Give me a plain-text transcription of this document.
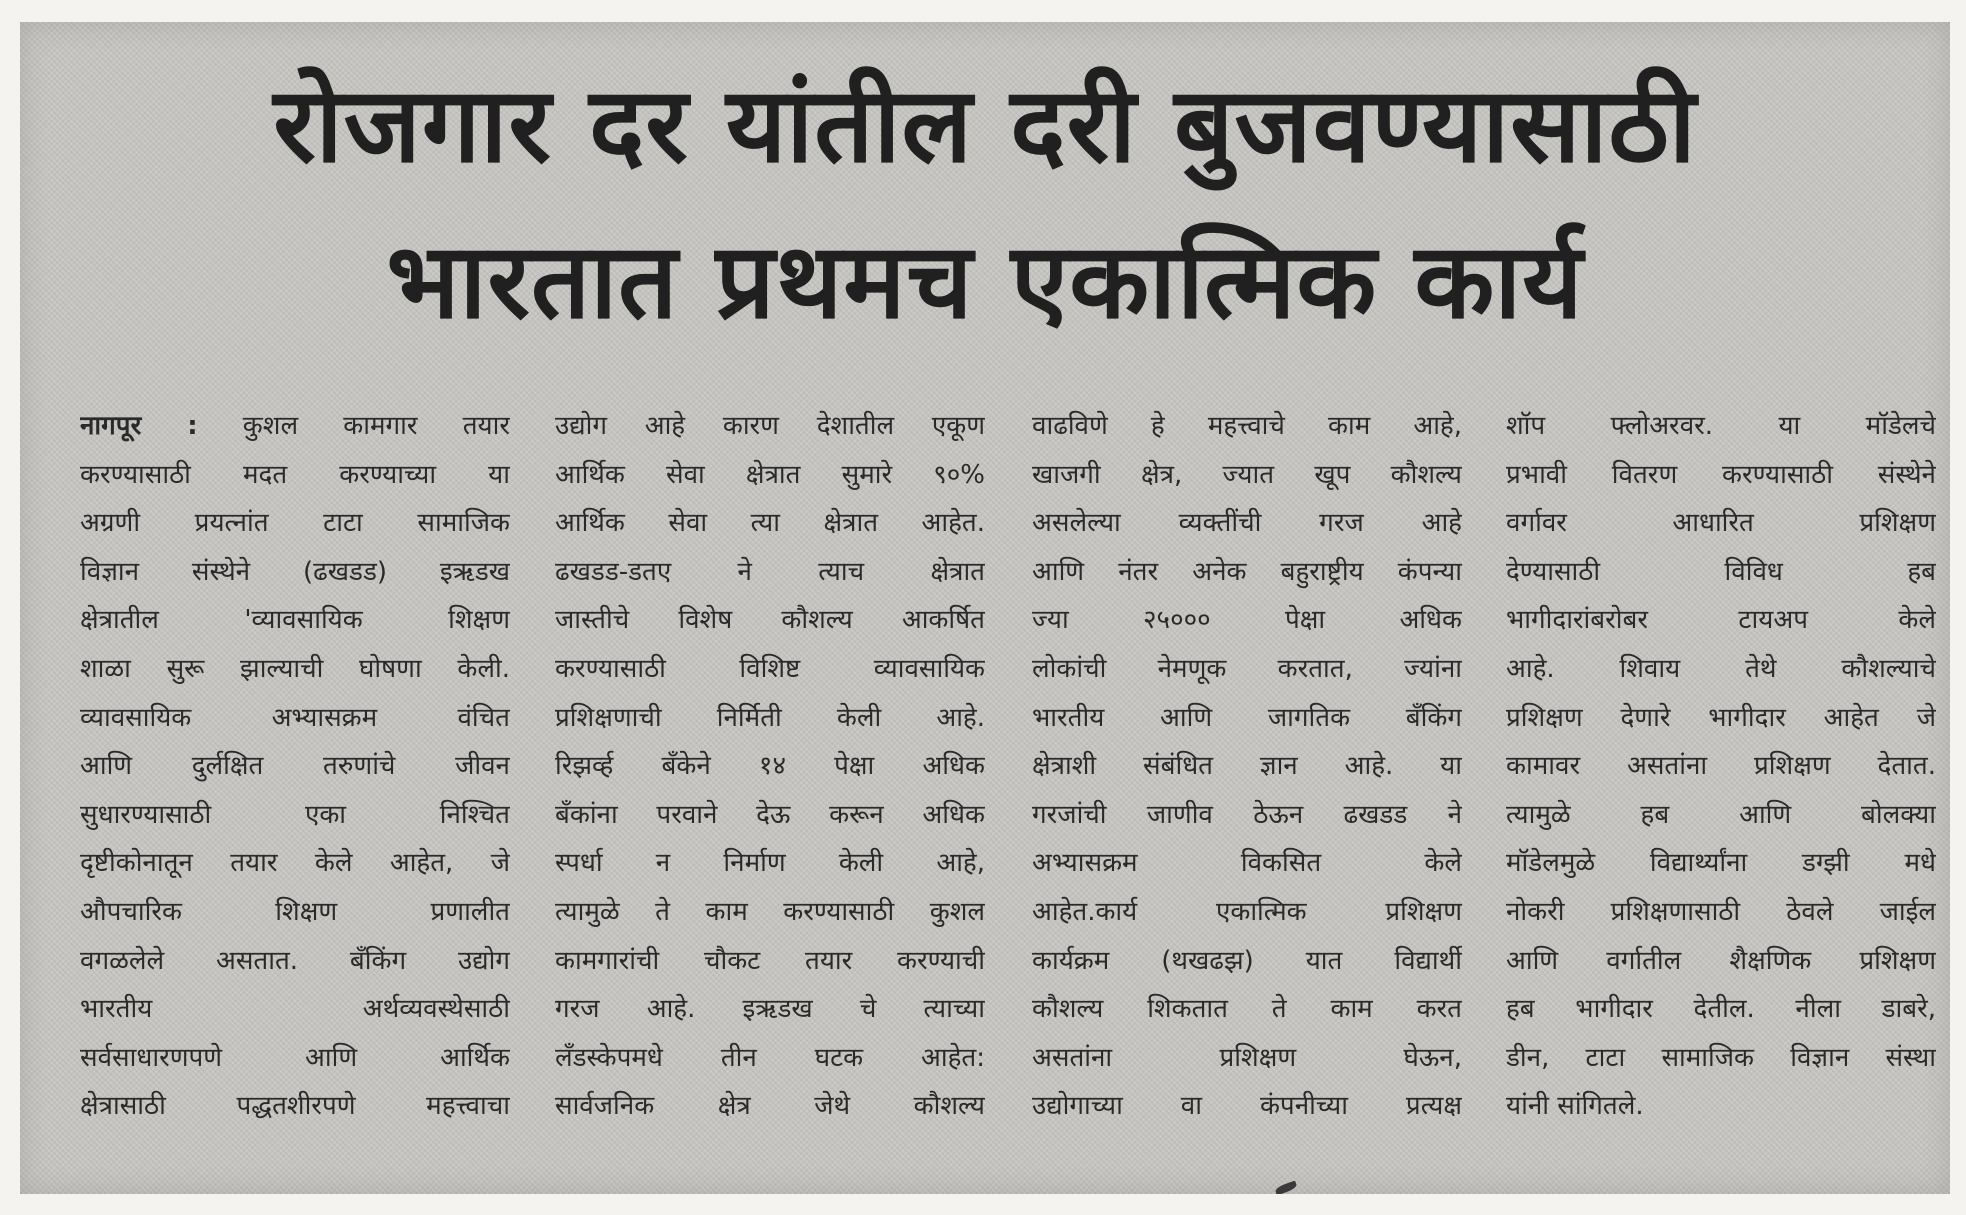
रोजगार दर यांतील दरी बुजवण्यासाठी
भारतात प्रथमच एकात्मिक कार्य
नागपूर : कुशल कामगार तयार
करण्यासाठी मदत करण्याच्या या
अग्रणी प्रयत्नांत टाटा सामाजिक
विज्ञान संस्थेने (ढखडड) इऋडख
क्षेत्रातील 'व्यावसायिक शिक्षण
शाळा सुरू झाल्याची घोषणा केली.
व्यावसायिक अभ्यासक्रम वंचित
आणि दुर्लक्षित तरुणांचे जीवन
सुधारण्यासाठी एका निश्चित
दृष्टीकोनातून तयार केले आहेत, जे
औपचारिक शिक्षण प्रणालीत
वगळलेले असतात. बँकिंग उद्योग
भारतीय अर्थव्यवस्थेसाठी
सर्वसाधारणपणे आणि आर्थिक
क्षेत्रासाठी पद्धतशीरपणे महत्त्वाचा
उद्योग आहे कारण देशातील एकूण
आर्थिक सेवा क्षेत्रात सुमारे ९०%
आर्थिक सेवा त्या क्षेत्रात आहेत.
ढखडड-डतए ने त्याच क्षेत्रात
जास्तीचे विशेष कौशल्य आकर्षित
करण्यासाठी विशिष्ट व्यावसायिक
प्रशिक्षणाची निर्मिती केली आहे.
रिझर्व्ह बँकेने १४ पेक्षा अधिक
बँकांना परवाने देऊ करून अधिक
स्पर्धा न निर्माण केली आहे,
त्यामुळे ते काम करण्यासाठी कुशल
कामगारांची चौकट तयार करण्याची
गरज आहे. इऋडख चे त्याच्या
लँडस्केपमधे तीन घटक आहेत:
सार्वजनिक क्षेत्र जेथे कौशल्य
वाढविणे हे महत्त्वाचे काम आहे,
खाजगी क्षेत्र, ज्यात खूप कौशल्य
असलेल्या व्यक्तींची गरज आहे
आणि नंतर अनेक बहुराष्ट्रीय कंपन्या
ज्या २५००० पेक्षा अधिक
लोकांची नेमणूक करतात, ज्यांना
भारतीय आणि जागतिक बँकिंग
क्षेत्राशी संबंधित ज्ञान आहे. या
गरजांची जाणीव ठेऊन ढखडड ने
अभ्यासक्रम विकसित केले
आहेत.कार्य एकात्मिक प्रशिक्षण
कार्यक्रम (थखढझ) यात विद्यार्थी
कौशल्य शिकतात ते काम करत
असतांना प्रशिक्षण घेऊन,
उद्योगाच्या वा कंपनीच्या प्रत्यक्ष
शॉप फ्लोअरवर. या मॉडेलचे
प्रभावी वितरण करण्यासाठी संस्थेने
वर्गावर आधारित प्रशिक्षण
देण्यासाठी विविध हब
भागीदारांबरोबर टायअप केले
आहे. शिवाय तेथे कौशल्याचे
प्रशिक्षण देणारे भागीदार आहेत जे
कामावर असतांना प्रशिक्षण देतात.
त्यामुळे हब आणि बोलक्या
मॉडेलमुळे विद्यार्थ्यांना डग्झी मधे
नोकरी प्रशिक्षणासाठी ठेवले जाईल
आणि वर्गातील शैक्षणिक प्रशिक्षण
हब भागीदार देतील. नीला डाबरे,
डीन, टाटा सामाजिक विज्ञान संस्था
यांनी सांगितले.
